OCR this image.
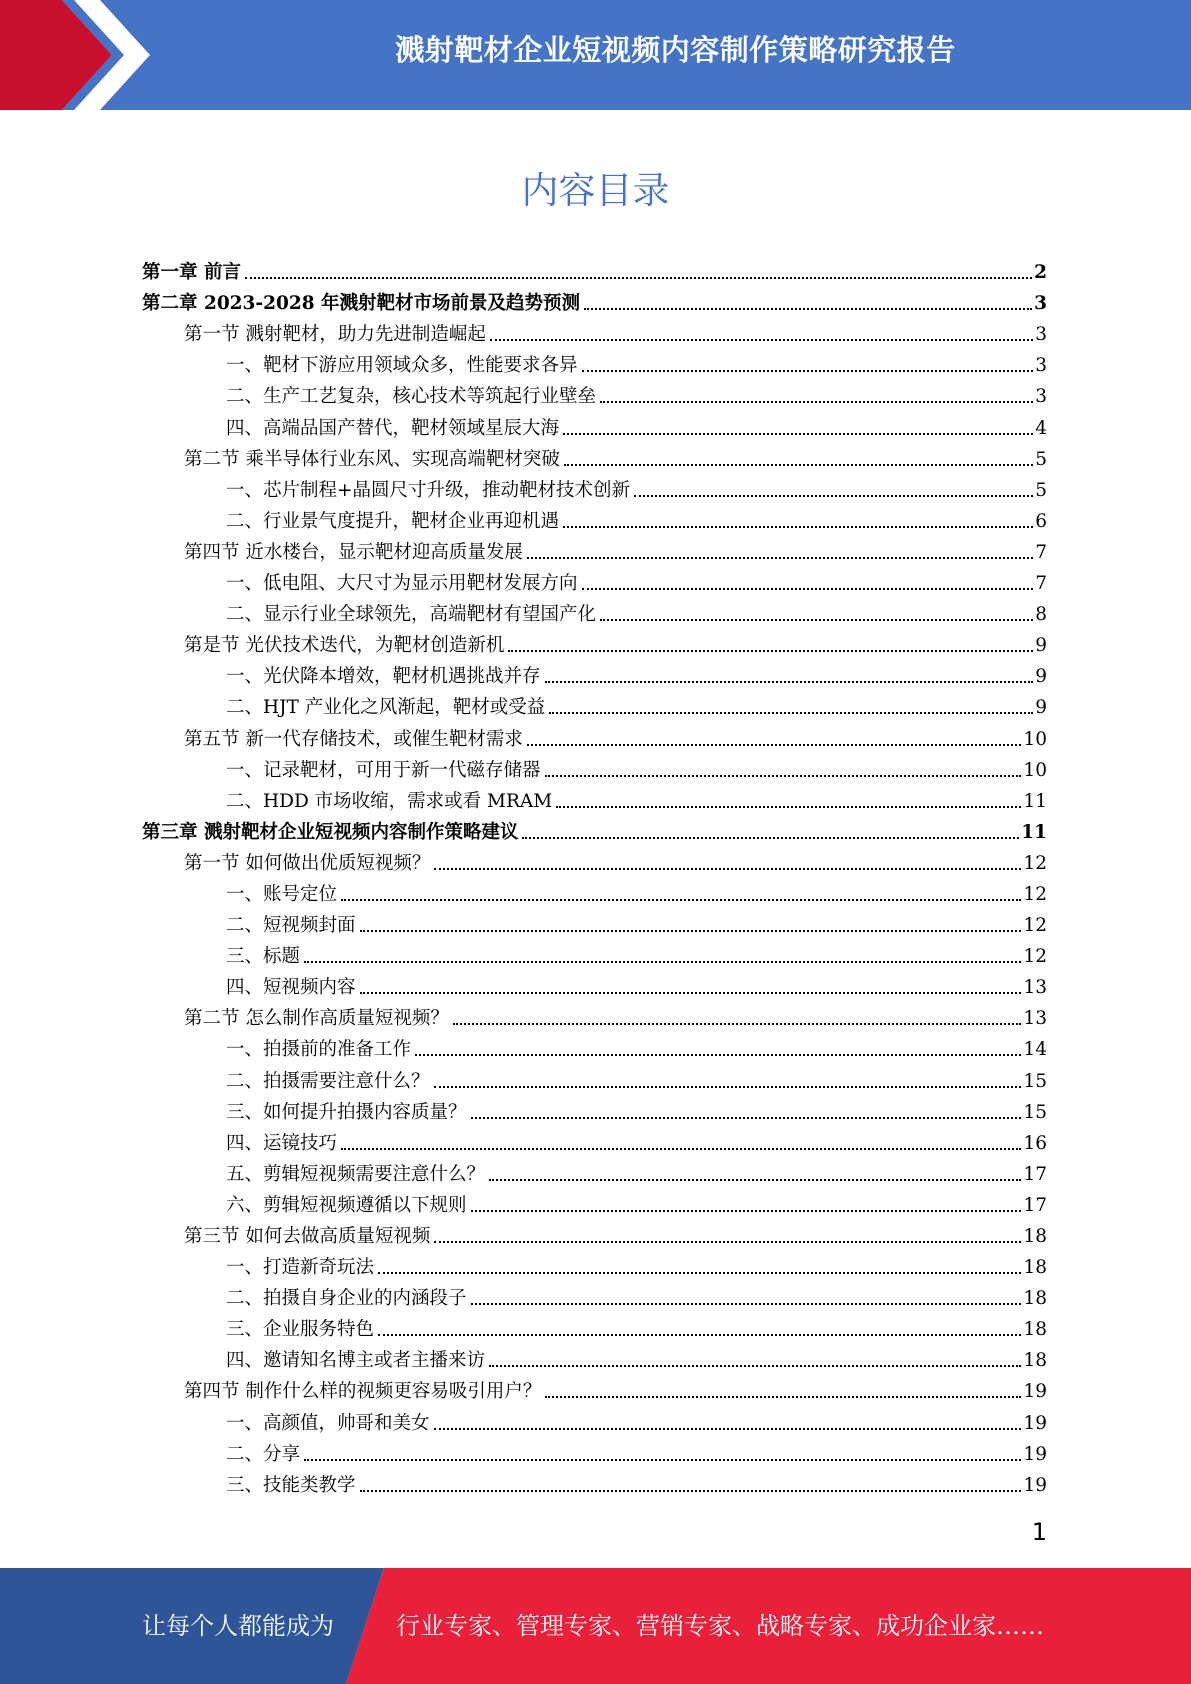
溅射靶材企业短视频内容制作策略研究报告
内容目录
第一章 前言	2
第二章 2023-2028 年溅射靶材市场前景及趋势预测	3
第一节 溅射靶材，助力先进制造崛起	3
一、靶材下游应用领域众多，性能要求各异	3
二、生产工艺复杂，核心技术等筑起行业壁垒	3
四、高端品国产替代，靶材领域星辰大海	4
第二节 乘半导体行业东风、实现高端靶材突破	5
一、芯片制程+晶圆尺寸升级，推动靶材技术创新	5
二、行业景气度提升，靶材企业再迎机遇	6
第四节 近水楼台，显示靶材迎高质量发展	7
一、低电阻、大尺寸为显示用靶材发展方向	7
二、显示行业全球领先，高端靶材有望国产化	8
第是节 光伏技术迭代，为靶材创造新机	9
一、光伏降本增效，靶材机遇挑战并存	9
二、HJT 产业化之风渐起，靶材或受益	9
第五节 新一代存储技术，或催生靶材需求	10
一、记录靶材，可用于新一代磁存储器	10
二、HDD 市场收缩，需求或看 MRAM	11
第三章 溅射靶材企业短视频内容制作策略建议	11
第一节 如何做出优质短视频？	12
一、账号定位	12
二、短视频封面	12
三、标题	12
四、短视频内容	13
第二节 怎么制作高质量短视频？	13
一、拍摄前的准备工作	14
二、拍摄需要注意什么？	15
三、如何提升拍摄内容质量？	15
四、运镜技巧	16
五、剪辑短视频需要注意什么？	17
六、剪辑短视频遵循以下规则	17
第三节 如何去做高质量短视频	18
一、打造新奇玩法	18
二、拍摄自身企业的内涵段子	18
三、企业服务特色	18
四、邀请知名博主或者主播来访	18
第四节 制作什么样的视频更容易吸引用户？	19
一、高颜值，帅哥和美女	19
二、分享	19
三、技能类教学	19
1
让每个人都能成为	行业专家、管理专家、营销专家、战略专家、成功企业家……
